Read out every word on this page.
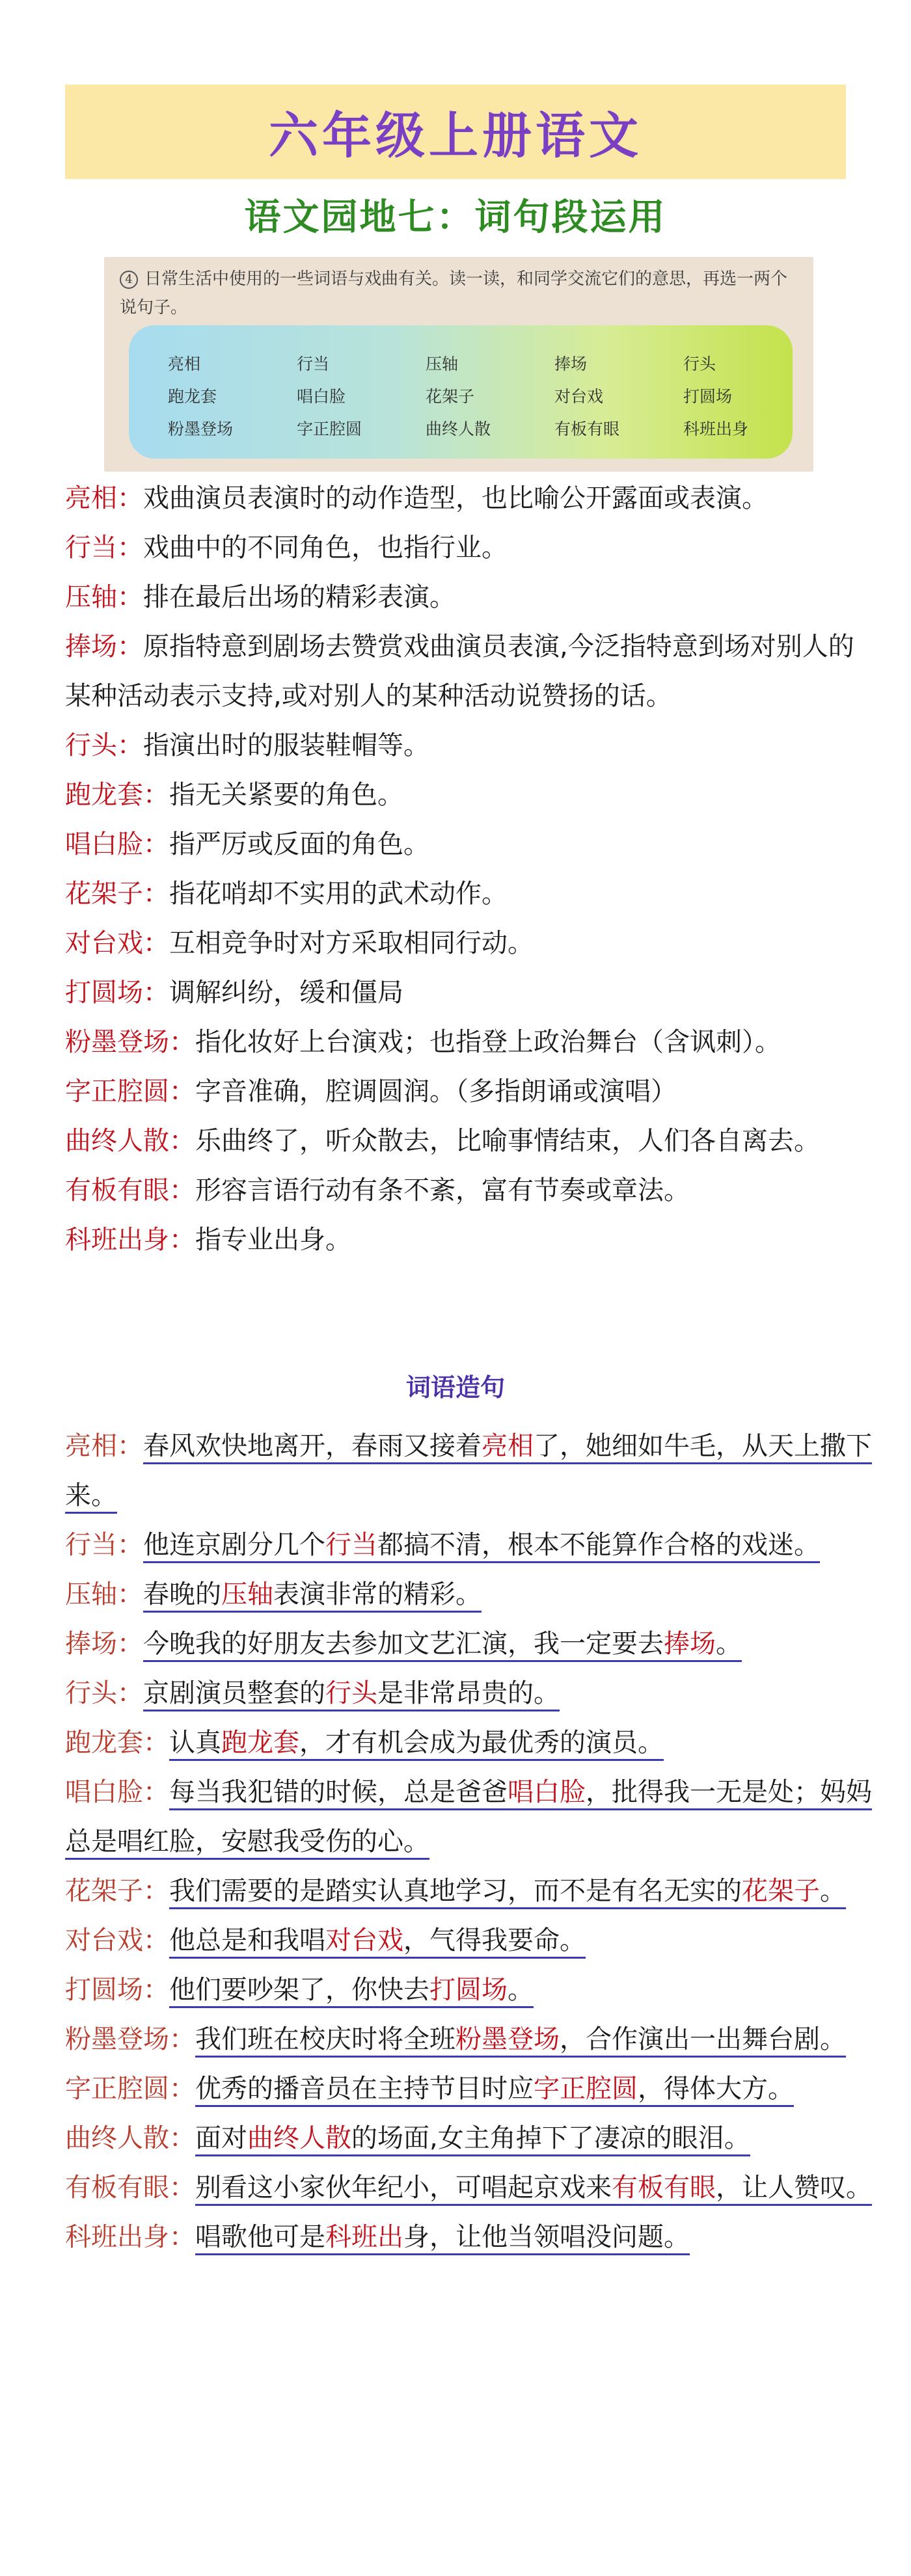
六年级上册语文
语文园地七：词句段运用
4 日常生活中使用的一些词语与戏曲有关。读一读，和同学交流它们的意思，再选一两个说句子。
亮相	行当	压轴	捧场	行头
跑龙套	唱白脸	花架子	对台戏	打圆场
粉墨登场	字正腔圆	曲终人散	有板有眼	科班出身
亮相：戏曲演员表演时的动作造型，也比喻公开露面或表演。
行当：戏曲中的不同角色，也指行业。
压轴：排在最后出场的精彩表演。
捧场：原指特意到剧场去赞赏戏曲演员表演,今泛指特意到场对别人的某种活动表示支持,或对别人的某种活动说赞扬的话。
行头：指演出时的服装鞋帽等。
跑龙套：指无关紧要的角色。
唱白脸：指严厉或反面的角色。
花架子：指花哨却不实用的武术动作。
对台戏：互相竞争时对方采取相同行动。
打圆场：调解纠纷，缓和僵局
粉墨登场：指化妆好上台演戏；也指登上政治舞台（含讽刺）。
字正腔圆：字音准确，腔调圆润。（多指朗诵或演唱）
曲终人散：乐曲终了，听众散去，比喻事情结束，人们各自离去。
有板有眼：形容言语行动有条不紊，富有节奏或章法。
科班出身：指专业出身。
词语造句
亮相：春风欢快地离开，春雨又接着亮相了，她细如牛毛，从天上撒下来。
行当：他连京剧分几个行当都搞不清，根本不能算作合格的戏迷。
压轴：春晚的压轴表演非常的精彩。
捧场：今晚我的好朋友去参加文艺汇演，我一定要去捧场。
行头：京剧演员整套的行头是非常昂贵的。
跑龙套：认真跑龙套，才有机会成为最优秀的演员。
唱白脸：每当我犯错的时候，总是爸爸唱白脸，批得我一无是处；妈妈总是唱红脸，安慰我受伤的心。
花架子：我们需要的是踏实认真地学习，而不是有名无实的花架子。
对台戏：他总是和我唱对台戏，气得我要命。
打圆场：他们要吵架了，你快去打圆场。
粉墨登场：我们班在校庆时将全班粉墨登场，合作演出一出舞台剧。
字正腔圆：优秀的播音员在主持节目时应字正腔圆，得体大方。
曲终人散：面对曲终人散的场面,女主角掉下了凄凉的眼泪。
有板有眼：别看这小家伙年纪小，可唱起京戏来有板有眼，让人赞叹。
科班出身：唱歌他可是科班出身，让他当领唱没问题。
